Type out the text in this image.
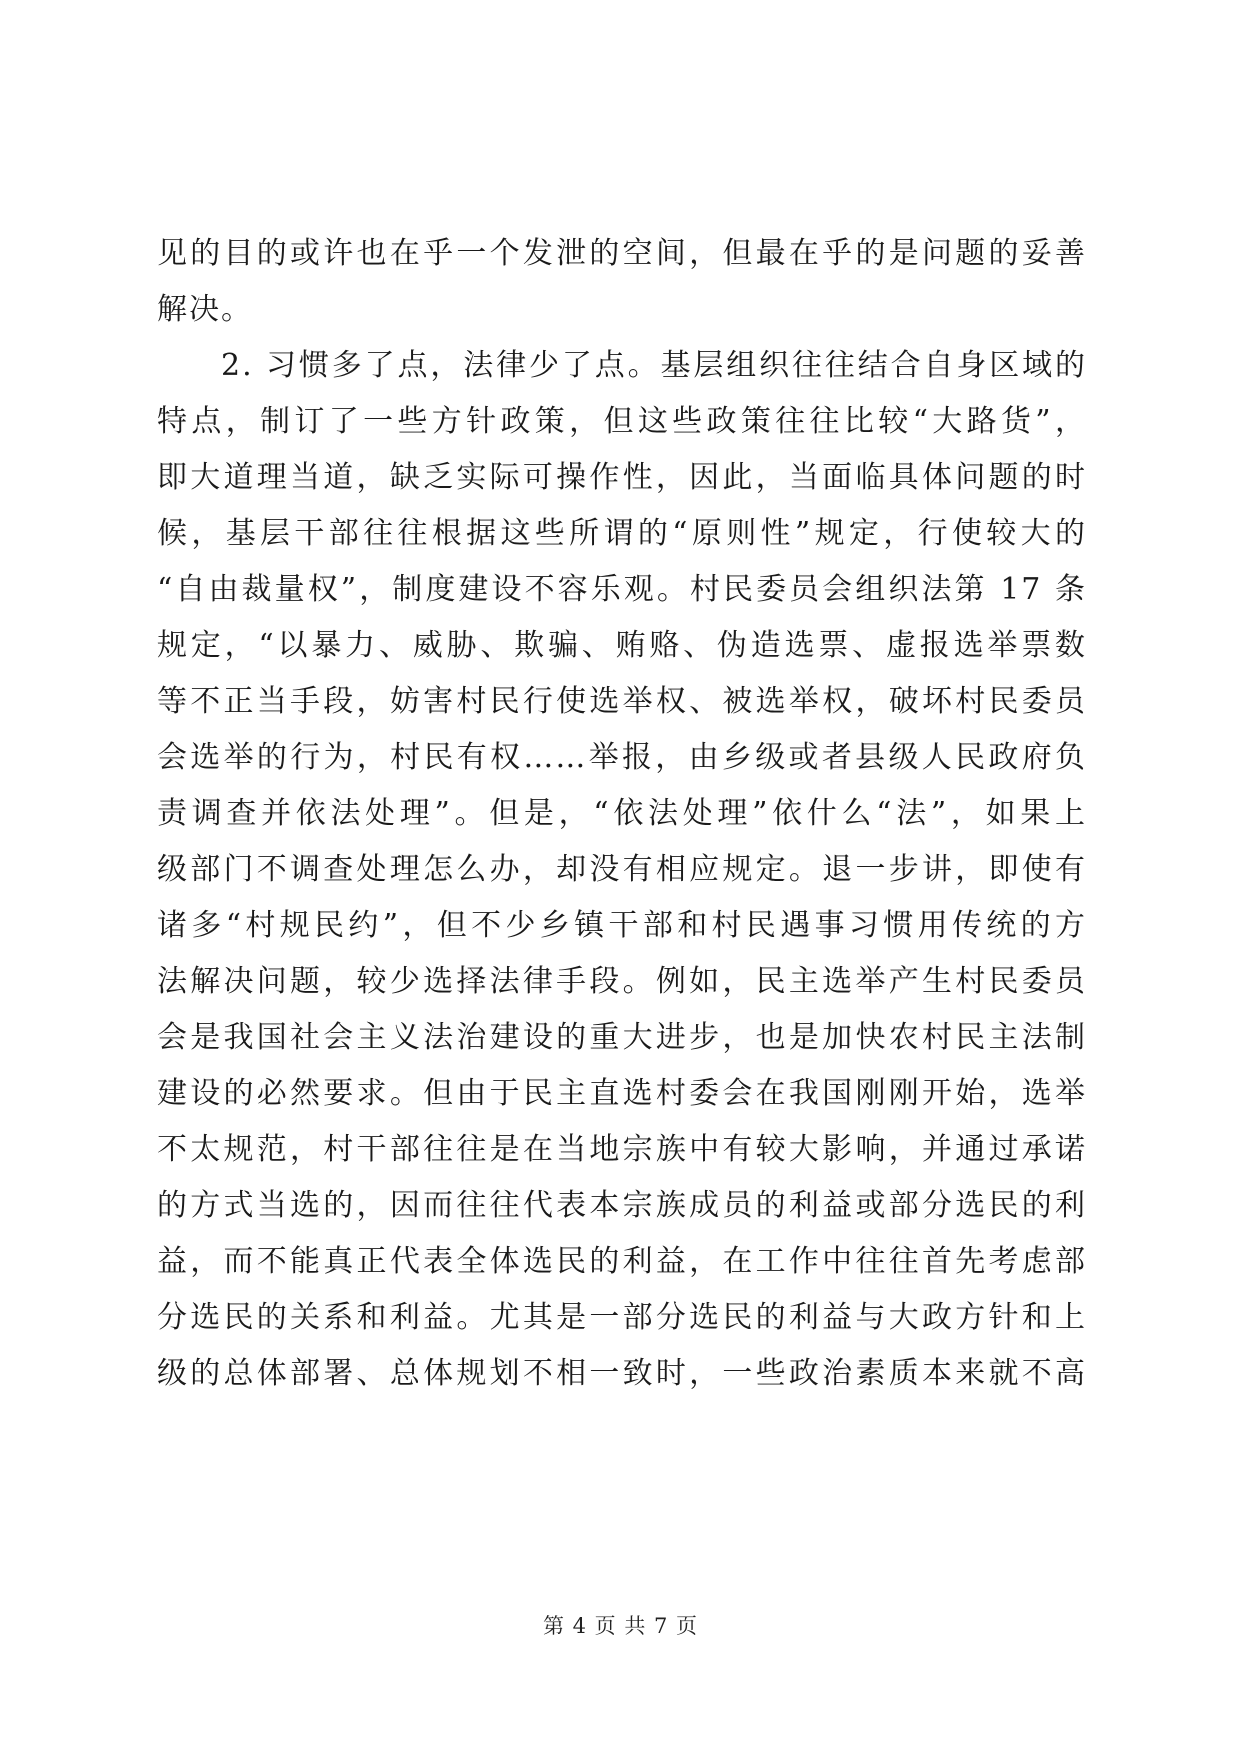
见的目的或许也在乎一个发泄的空间，但最在乎的是问题的妥善
解决。
2. 习惯多了点，法律少了点。基层组织往往结合自身区域的
特点，制订了一些方针政策，但这些政策往往比较“大路货”，
即大道理当道，缺乏实际可操作性，因此，当面临具体问题的时
候，基层干部往往根据这些所谓的“原则性”规定，行使较大的
“自由裁量权”，制度建设不容乐观。村民委员会组织法第 17 条
规定，“以暴力、威胁、欺骗、贿赂、伪造选票、虚报选举票数
等不正当手段，妨害村民行使选举权、被选举权，破坏村民委员
会选举的行为，村民有权……举报，由乡级或者县级人民政府负
责调查并依法处理”。但是，“依法处理”依什么“法”，如果上
级部门不调查处理怎么办，却没有相应规定。退一步讲，即使有
诸多“村规民约”，但不少乡镇干部和村民遇事习惯用传统的方
法解决问题，较少选择法律手段。例如，民主选举产生村民委员
会是我国社会主义法治建设的重大进步，也是加快农村民主法制
建设的必然要求。但由于民主直选村委会在我国刚刚开始，选举
不太规范，村干部往往是在当地宗族中有较大影响，并通过承诺
的方式当选的，因而往往代表本宗族成员的利益或部分选民的利
益，而不能真正代表全体选民的利益，在工作中往往首先考虑部
分选民的关系和利益。尤其是一部分选民的利益与大政方针和上
级的总体部署、总体规划不相一致时，一些政治素质本来就不高
第 4 页 共 7 页
